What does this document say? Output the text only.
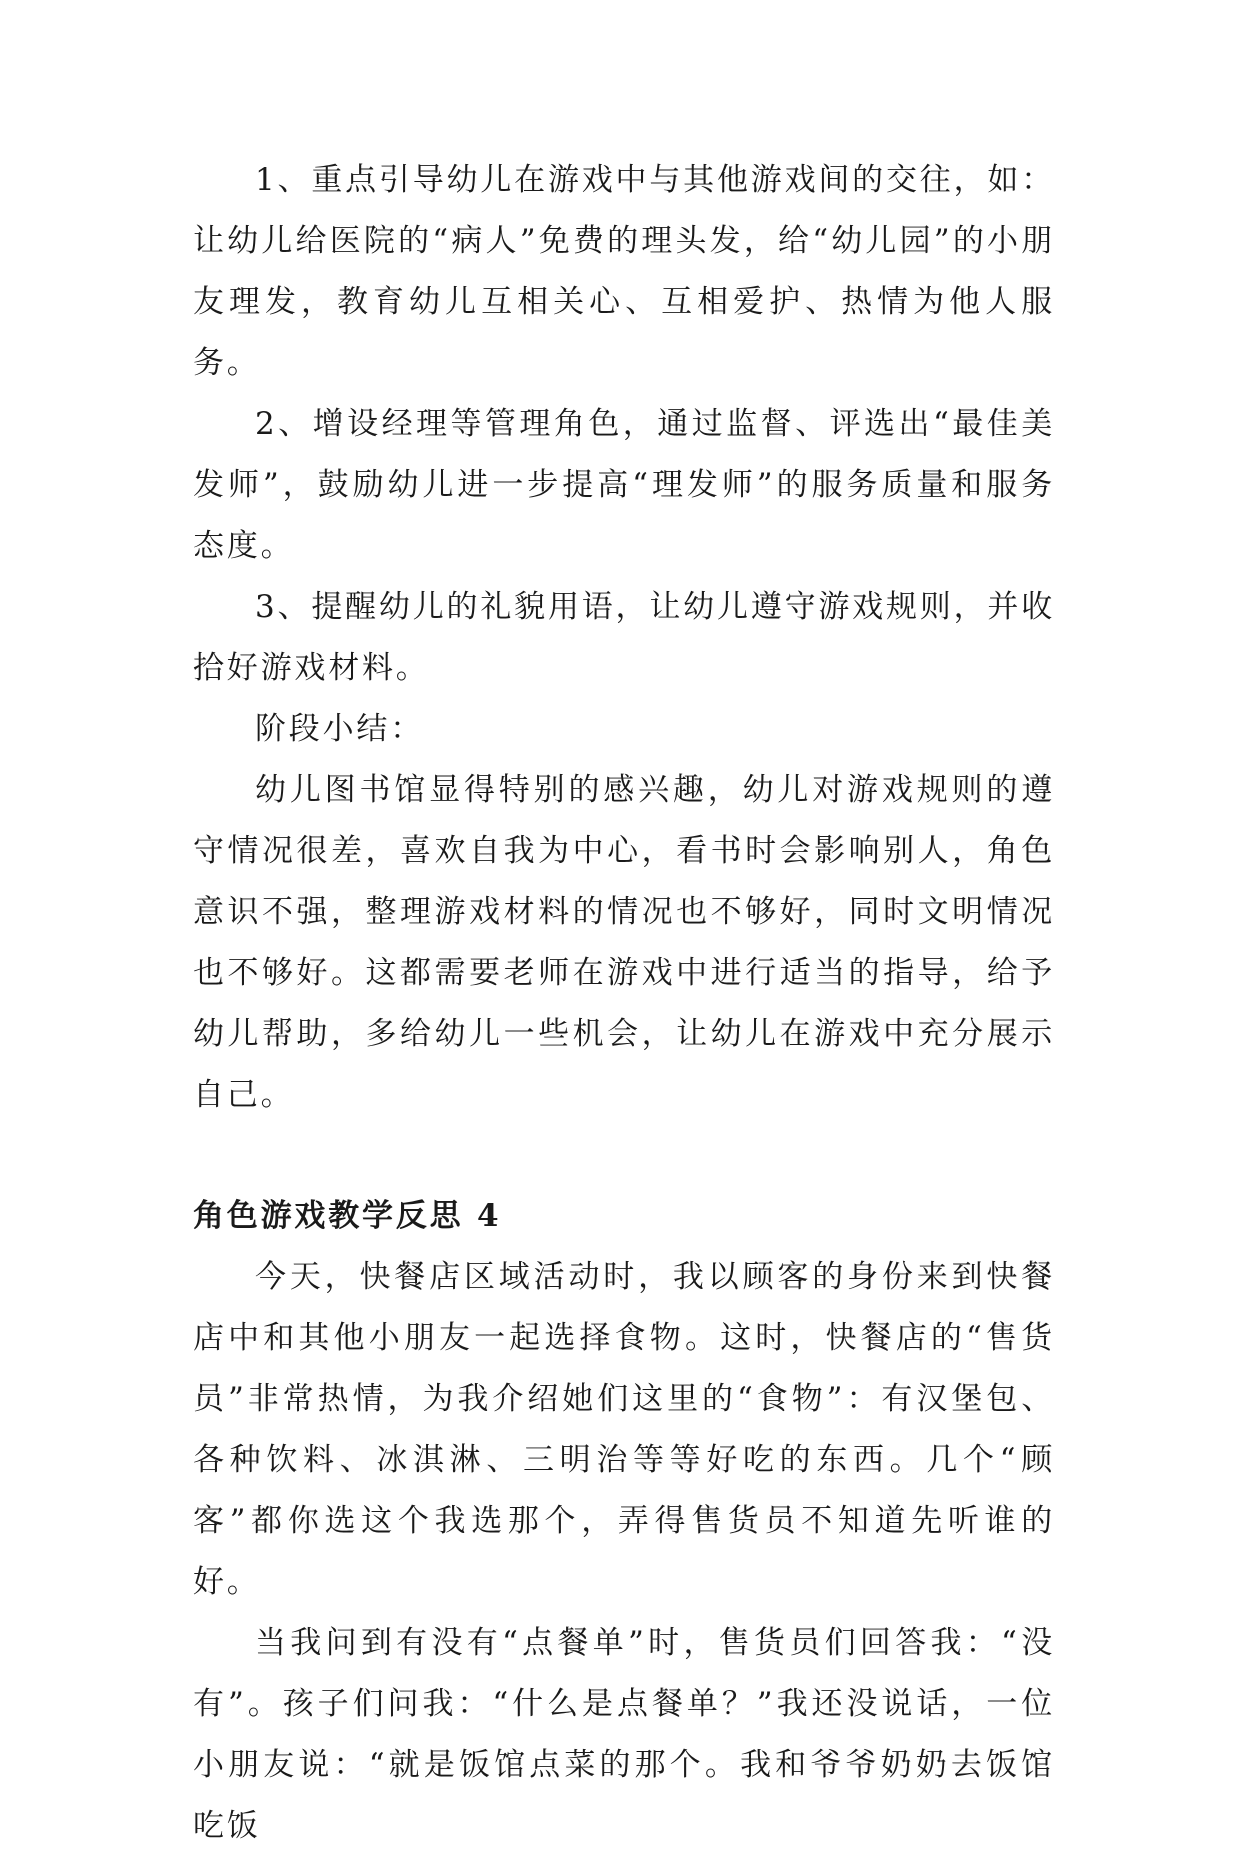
1、重点引导幼儿在游戏中与其他游戏间的交往，如：让幼儿给医院的“病人”免费的理头发，给“幼儿园”的小朋友理发，教育幼儿互相关心、互相爱护、热情为他人服务。

2、增设经理等管理角色，通过监督、评选出“最佳美发师”，鼓励幼儿进一步提高“理发师”的服务质量和服务态度。

3、提醒幼儿的礼貌用语，让幼儿遵守游戏规则，并收拾好游戏材料。

阶段小结：

幼儿图书馆显得特别的感兴趣，幼儿对游戏规则的遵守情况很差，喜欢自我为中心，看书时会影响别人，角色意识不强，整理游戏材料的情况也不够好，同时文明情况也不够好。这都需要老师在游戏中进行适当的指导，给予幼儿帮助，多给幼儿一些机会，让幼儿在游戏中充分展示自己。

角色游戏教学反思 4

今天，快餐店区域活动时，我以顾客的身份来到快餐店中和其他小朋友一起选择食物。这时，快餐店的“售货员”非常热情，为我介绍她们这里的“食物”：有汉堡包、各种饮料、冰淇淋、三明治等等好吃的东西。几个“顾客”都你选这个我选那个，弄得售货员不知道先听谁的好。

当我问到有没有“点餐单”时，售货员们回答我：“没有”。孩子们问我：“什么是点餐单？”我还没说话，一位小朋友说：“就是饭馆点菜的那个。我和爷爷奶奶去饭馆吃饭
